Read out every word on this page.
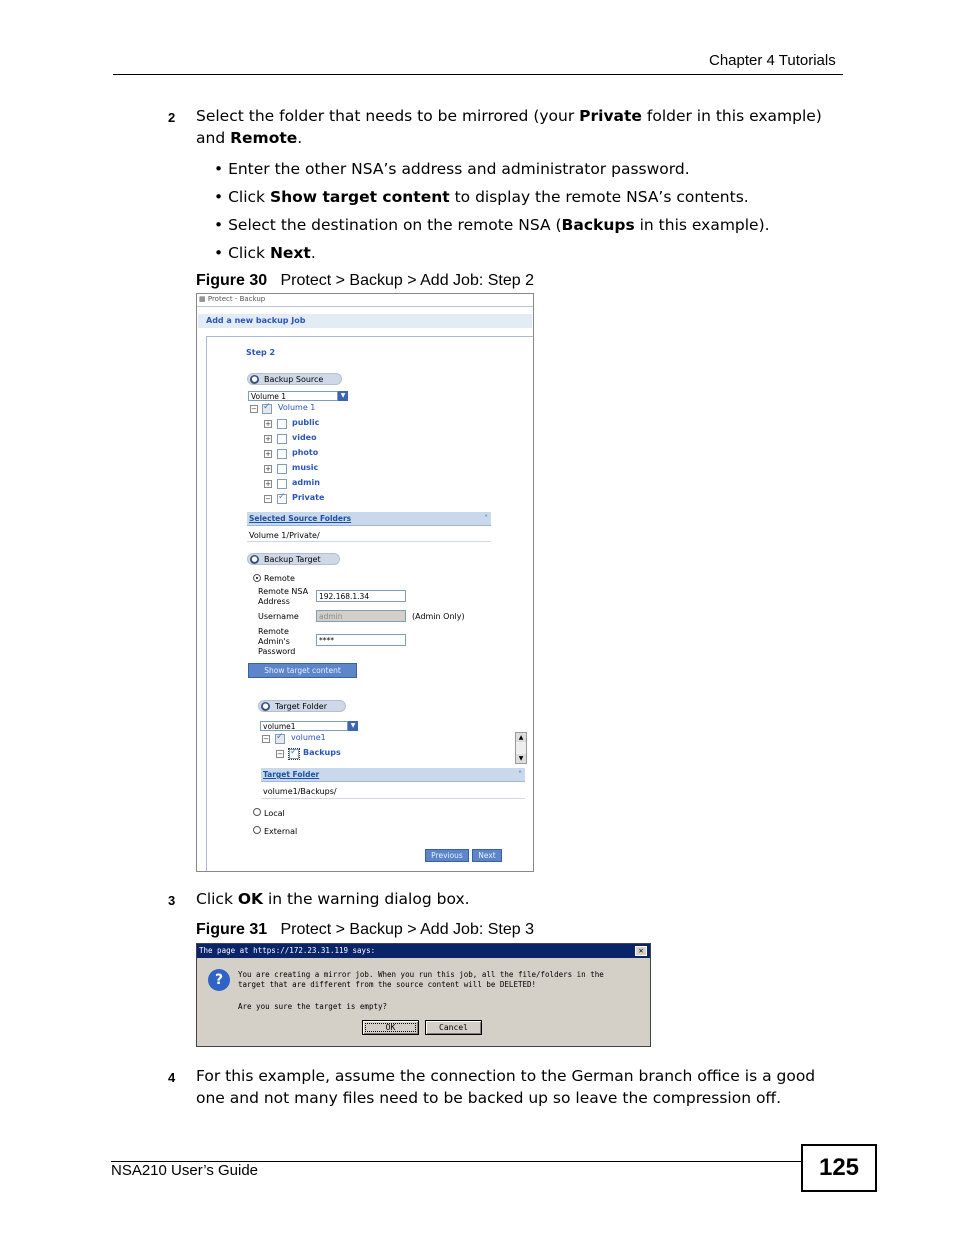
Chapter 4 Tutorials
2 Select the folder that needs to be mirrored (your Private folder in this example)
and Remote.
• Enter the other NSA’s address and administrator password.
• Click Show target content to display the remote NSA’s contents.
• Select the destination on the remote NSA (Backups in this example).
• Click Next.
Figure 30 Protect > Backup > Add Job: Step 2
▦ Protect - Backup
Add a new backup Job
Step 2
● Backup Source
Volume 1	▼
− ✓	Volume 1
+	public
+	video
+	photo
+	music
+	admin
− ✓	Private
Selected Source Folders	˄
Volume 1/Private/
● Backup Target
Remote
Remote NSA
Address
192.168.1.34
Username	admin	(Admin Only)
Remote
Admin's
Password
****
Show target content
● Target Folder
volume1	▼
− ✓	volume1
− ✓	Backups
▲
▼
Target Folder	˄
volume1/Backups/
Local
External
Previous	Next
3 Click OK in the warning dialog box.
Figure 31 Protect > Backup > Add Job: Step 3
The page at https://172.23.31.119 says:	✕
?	You are creating a mirror job. When you run this job, all the file/folders in the
target that are different from the source content will be DELETED!
Are you sure the target is empty?
OK	Cancel
4 For this example, assume the connection to the German branch office is a good
one and not many files need to be backed up so leave the compression off.
NSA210 User’s Guide	125
